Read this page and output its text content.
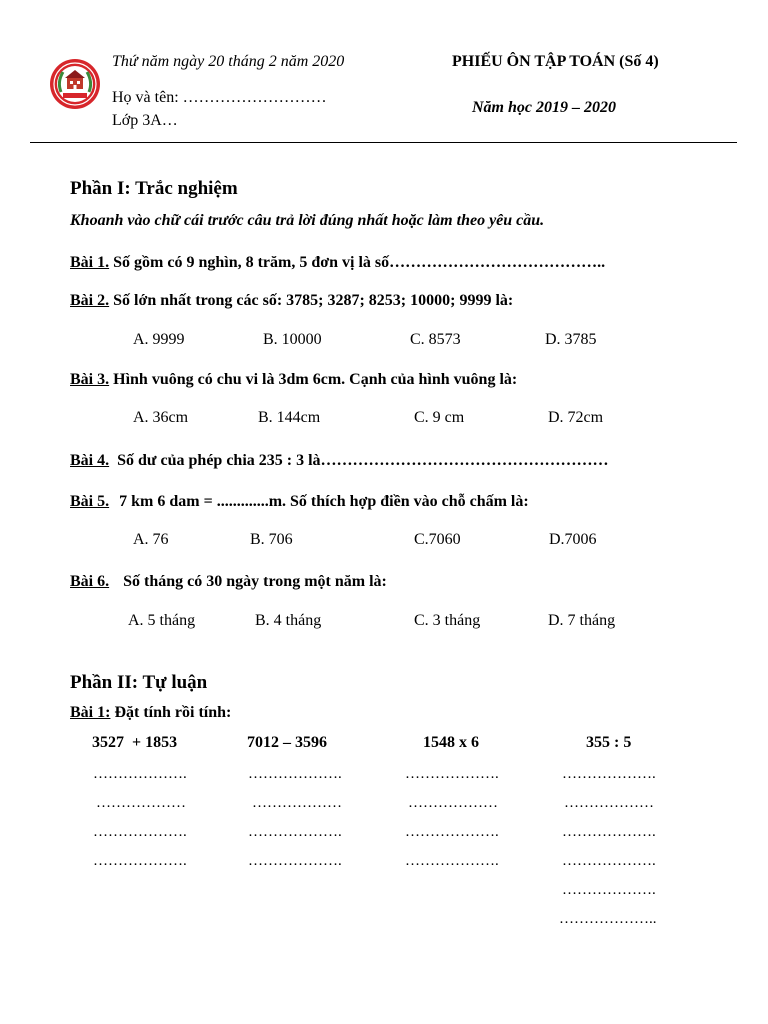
Thứ năm ngày 20 tháng 2 năm 2020	PHIẾU ÔN TẬP TOÁN (Số 4)
Họ và tên: ………………………
Năm học 2019 – 2020
Lớp 3A…
Phần I: Trắc nghiệm
Khoanh vào chữ cái trước câu trả lời đúng nhất hoặc làm theo yêu cầu.
Bài 1. Số gồm có 9 nghìn, 8 trăm, 5 đơn vị là số…………………………………..
Bài 2. Số lớn nhất trong các số: 3785; 3287; 8253; 10000; 9999 là:
A. 9999	B. 10000	C. 8573	D. 3785
Bài 3. Hình vuông có chu vi là 3dm 6cm. Cạnh của hình vuông là:
A. 36cm	B. 144cm	C. 9 cm	D. 72cm
Bài 4. Số dư của phép chia 235 : 3 là………………………………………………
Bài 5. 7 km 6 dam = .............m. Số thích hợp điền vào chỗ chấm là:
A. 76	B. 706	C.7060	D.7006
Bài 6. Số tháng có 30 ngày trong một năm là:
A. 5 tháng	B. 4 tháng	C. 3 tháng	D. 7 tháng
Phần II: Tự luận
Bài 1: Đặt tính rồi tính:
3527  + 1853	7012 – 3596	1548 x 6	355 : 5
……………….
………………
……………….
……………….
……………….
………………
……………….
……………….
……………….
………………
……………….
……………….
……………….
………………
……………….
……………….
……………….
………………..
